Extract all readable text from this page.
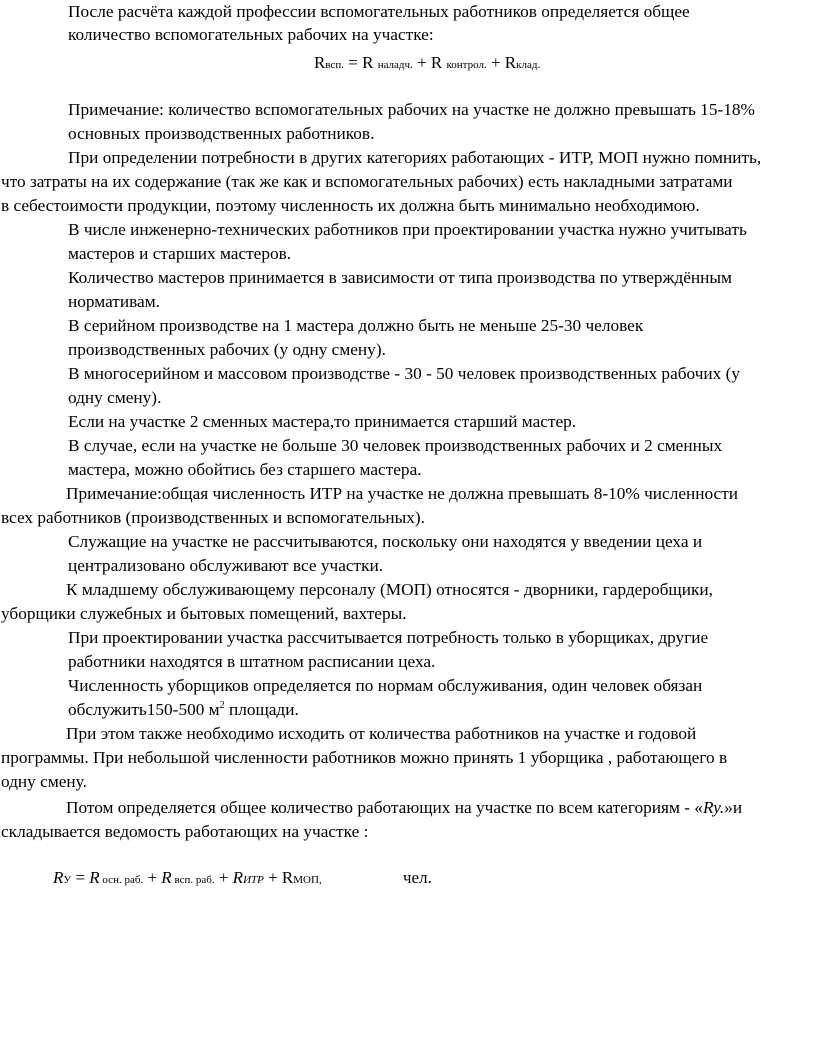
После расчёта каждой профессии вспомогательных работников определяется общее
количество вспомогательных рабочих на участке:
Rвсп. = R наладч. + R контрол. + Rклад.
Примечание: количество вспомогательных рабочих на участке не должно превышать 15-18%
основных производственных работников.
При определении потребности в других категориях работающих - ИТР, МОП нужно помнить,
что затраты на их содержание (так же как и вспомогательных рабочих) есть накладными затратами
в себестоимости продукции, поэтому численность их должна быть минимально необходимою.
В числе инженерно-технических работников при проектировании участка нужно учитывать
мастеров и старших мастеров.
Количество мастеров принимается в зависимости от типа производства по утверждённым
нормативам.
В серийном производстве на 1 мастера должно быть не меньше 25-30 человек
производственных рабочих (у одну смену).
В многосерийном и массовом производстве - 30 - 50 человек производственных рабочих (у
одну смену).
Если на участке 2 сменных мастера,то принимается старший мастер.
В случае, если на участке не больше 30 человек производственных рабочих и 2 сменных
мастера, можно обойтись без старшего мастера.
Примечание:общая численность ИТР на участке не должна превышать 8-10% численности
всех работников (производственных и вспомогательных).
Служащие на участке не рассчитываются, поскольку они находятся у введении цеха и
централизовано обслуживают все участки.
К младшему обслуживающему персоналу (МОП) относятся - дворники, гардеробщики,
уборщики служебных и бытовых помещений, вахтеры.
При проектировании участка рассчитывается потребность только в уборщиках, другие
работники находятся в штатном расписании цеха.
Численность уборщиков определяется по нормам обслуживания, один человек обязан
обслужить150-500 $м^2$ площади.
При этом также необходимо исходить от количества работников на участке и годовой
программы. При небольшой численности работников можно принять 1 уборщика , работающего в
одну смену.
Потом определяется общее количество работающих на участке по всем категориям - «Ry.»и
складывается ведомость работающих на участке :
RУ = R осн. раб. + R всп. раб. + RИТР + RМОП,	чел.
